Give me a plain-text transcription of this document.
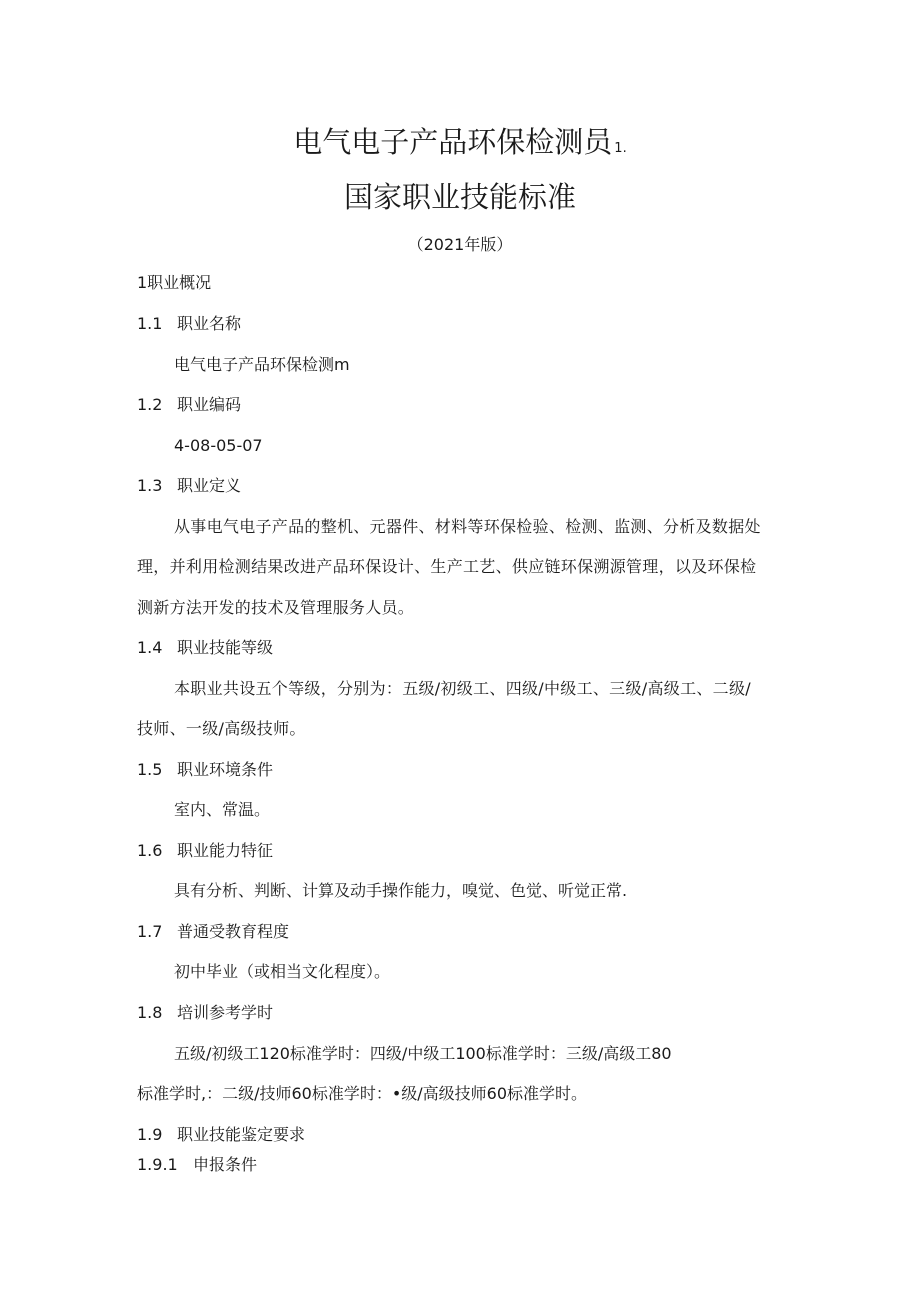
电气电子产品环保检测员 1.
国家职业技能标准
（2021年版）
1职业概况
1.1 职业名称
电气电子产品环保检测m
1.2 职业编码
4-08-05-07
1.3 职业定义
从事电气电子产品的整机、元器件、材料等环保检验、检测、监测、分析及数据处
理，并利用检测结果改进产品环保设计、生产工艺、供应链环保溯源管理，以及环保检
测新方法开发的技术及管理服务人员。
1.4 职业技能等级
本职业共设五个等级，分别为：五级/初级工、四级/中级工、三级/高级工、二级/
技师、一级/高级技师。
1.5 职业环境条件
室内、常温。
1.6 职业能力特征
具有分析、判断、计算及动手操作能力，嗅觉、色觉、听觉正常.
1.7 普通受教育程度
初中毕业（或相当文化程度）。
1.8 培训参考学时
五级/初级工120标准学时：四级/中级工100标准学时：三级/高级工80
标准学时,：二级/技师60标准学时：•级/高级技师60标准学时。
1.9 职业技能鉴定要求
1.9.1 申报条件
